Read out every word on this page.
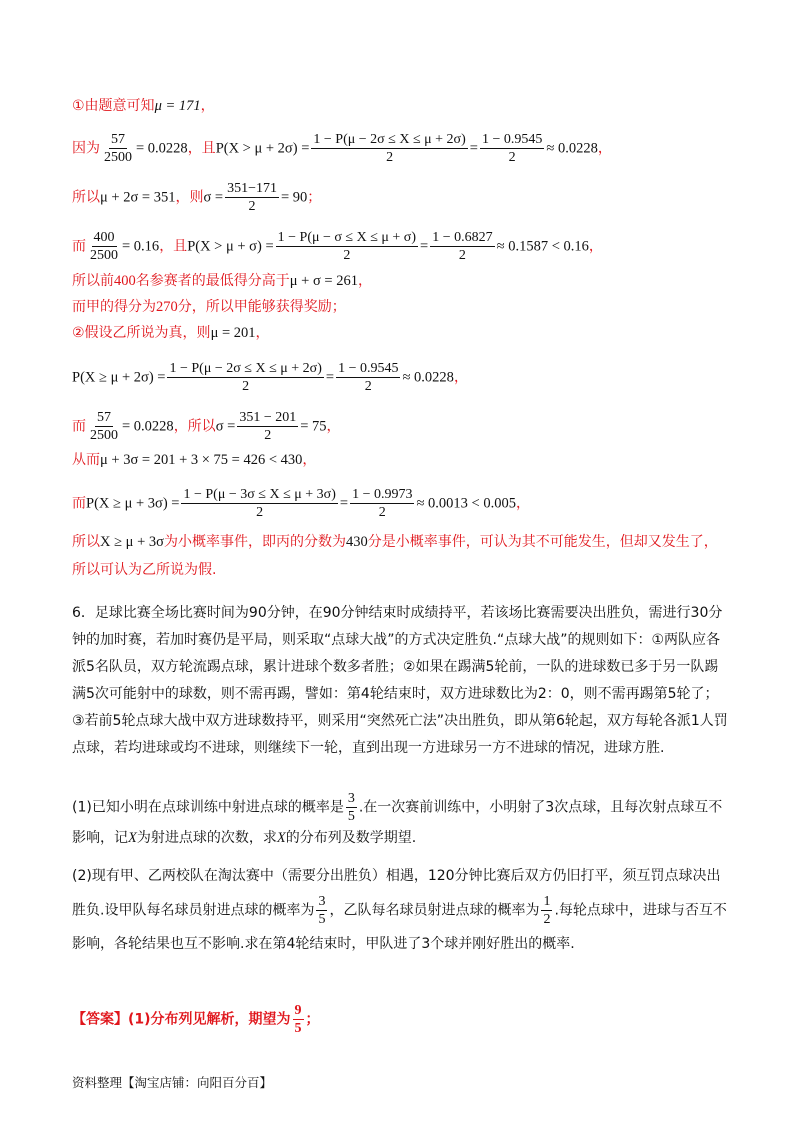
①由题意可知μ = 171，
因为 $\frac{57}{2500} = 0.0228$，且$P(X > \mu + 2\sigma) = \frac{1 - P(\mu - 2\sigma \le X \le \mu + 2\sigma)}{2} = \frac{1 - 0.9545}{2} \approx 0.0228$，
所以μ + 2σ = 351，则$\sigma = \frac{351-171}{2} = 90$；
而 $\frac{400}{2500} = 0.16$，且$P(X > \mu + \sigma) = \frac{1 - P(\mu - \sigma \le X \le \mu + \sigma)}{2} = \frac{1 - 0.6827}{2} \approx 0.1587 < 0.16$，
所以前400名参赛者的最低得分高于μ + σ = 261，
而甲的得分为270分，所以甲能够获得奖励；
②假设乙所说为真，则μ = 201，
$P(X \ge \mu + 2\sigma) = \frac{1 - P(\mu - 2\sigma \le X \le \mu + 2\sigma)}{2} = \frac{1 - 0.9545}{2} \approx 0.0228$，
而 $\frac{57}{2500} = 0.0228$，所以$\sigma = \frac{351 - 201}{2} = 75$，
从而μ + 3σ = 201 + 3 × 75 = 426 < 430，
而$P(X \ge \mu + 3\sigma) = \frac{1 - P(\mu - 3\sigma \le X \le \mu + 3\sigma)}{2} = \frac{1 - 0.9973}{2} \approx 0.0013 < 0.005$，
所以X ≥ μ + 3σ为小概率事件，即丙的分数为430分是小概率事件，可认为其不可能发生，但却又发生了，
所以可认为乙所说为假.
6．足球比赛全场比赛时间为90分钟，在90分钟结束时成绩持平，若该场比赛需要决出胜负，需进行30分钟的加时赛，若加时赛仍是平局，则采取“点球大战”的方式决定胜负.“点球大战”的规则如下：①两队应各派5名队员，双方轮流踢点球，累计进球个数多者胜；②如果在踢满5轮前，一队的进球数已多于另一队踢满5次可能射中的球数，则不需再踢，譬如：第4轮结束时，双方进球数比为2：0，则不需再踢第5轮了；③若前5轮点球大战中双方进球数持平，则采用“突然死亡法”决出胜负，即从第6轮起，双方每轮各派1人罚点球，若均进球或均不进球，则继续下一轮，直到出现一方进球另一方不进球的情况，进球方胜.
(1)已知小明在点球训练中射进点球的概率是 $\frac{3}{5}$ .在一次赛前训练中，小明射了3次点球，且每次射点球互不影响，记X为射进点球的次数，求X的分布列及数学期望.
(2)现有甲、乙两校队在淘汰赛中（需要分出胜负）相遇，120分钟比赛后双方仍旧打平，须互罚点球决出胜负.设甲队每名球员射进点球的概率为 $\frac{3}{5}$ ，乙队每名球员射进点球的概率为 $\frac{1}{2}$ .每轮点球中，进球与否互不影响，各轮结果也互不影响.求在第4轮结束时，甲队进了3个球并刚好胜出的概率.
【答案】(1)分布列见解析，期望为 $\frac{9}{5}$ ；
资料整理【淘宝店铺：向阳百分百】
